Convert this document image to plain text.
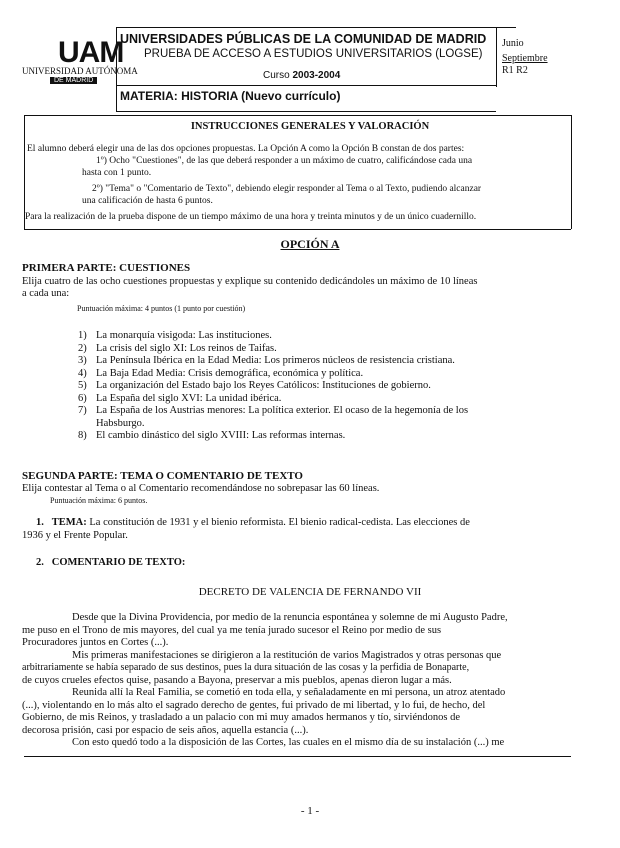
UAM
UNIVERSIDAD AUTÓNOMA
DE MADRID
UNIVERSIDADES PÚBLICAS DE LA COMUNIDAD DE MADRID
PRUEBA DE ACCESO A ESTUDIOS UNIVERSITARIOS (LOGSE)
Curso 2003-2004
MATERIA: HISTORIA (Nuevo currículo)
Junio
Septiembre
R1 R2
INSTRUCCIONES GENERALES Y VALORACIÓN
El alumno deberá elegir una de las dos opciones propuestas. La Opción A como la Opción B constan de dos partes:
1º) Ocho "Cuestiones", de las que deberá responder a un máximo de cuatro, calificándose cada una
hasta con 1 punto.
2º) "Tema" o "Comentario de Texto", debiendo elegir responder al Tema o al Texto, pudiendo alcanzar
una calificación de hasta 6 puntos.
Para la realización de la prueba dispone de un tiempo máximo de una hora y treinta minutos y de un único cuadernillo.
OPCIÓN A
PRIMERA PARTE: CUESTIONES
Elija cuatro de las ocho cuestiones propuestas y explique su contenido dedicándoles un máximo de 10 líneas
a cada una:
Puntuación máxima: 4 puntos (1 punto por cuestión)
1) La monarquía visigoda: Las instituciones.
2) La crisis del siglo XI: Los reinos de Taifas.
3) La Península Ibérica en la Edad Media: Los primeros núcleos de resistencia cristiana.
4) La Baja Edad Media: Crisis demográfica, económica y política.
5) La organización del Estado bajo los Reyes Católicos: Instituciones de gobierno.
6) La España del siglo XVI: La unidad ibérica.
7) La España de los Austrias menores: La política exterior. El ocaso de la hegemonía de los
Habsburgo.
8) El cambio dinástico del siglo XVIII: Las reformas internas.
SEGUNDA PARTE: TEMA O COMENTARIO DE TEXTO
Elija contestar al Tema o al Comentario recomendándose no sobrepasar las 60 líneas.
Puntuación máxima: 6 puntos.
1. TEMA: La constitución de 1931 y el bienio reformista. El bienio radical-cedista. Las elecciones de
1936 y el Frente Popular.
2. COMENTARIO DE TEXTO:
DECRETO DE VALENCIA DE FERNANDO VII
Desde que la Divina Providencia, por medio de la renuncia espontánea y solemne de mi Augusto Padre,
me puso en el Trono de mis mayores, del cual ya me tenía jurado sucesor el Reino por medio de sus
Procuradores juntos en Cortes (...).
Mis primeras manifestaciones se dirigieron a la restitución de varios Magistrados y otras personas que
arbitrariamente se había separado de sus destinos, pues la dura situación de las cosas y la perfidia de Bonaparte,
de cuyos crueles efectos quise, pasando a Bayona, preservar a mis pueblos, apenas dieron lugar a más.
Reunida allí la Real Familia, se cometió en toda ella, y señaladamente en mi persona, un atroz atentado
(...), violentando en lo más alto el sagrado derecho de gentes, fui privado de mi libertad, y lo fui, de hecho, del
Gobierno, de mis Reinos, y trasladado a un palacio con mi muy amados hermanos y tío, sirviéndonos de
decorosa prisión, casi por espacio de seis años, aquella estancia (...).
Con esto quedó todo a la disposición de las Cortes, las cuales en el mismo día de su instalación (...) me
- 1 -
